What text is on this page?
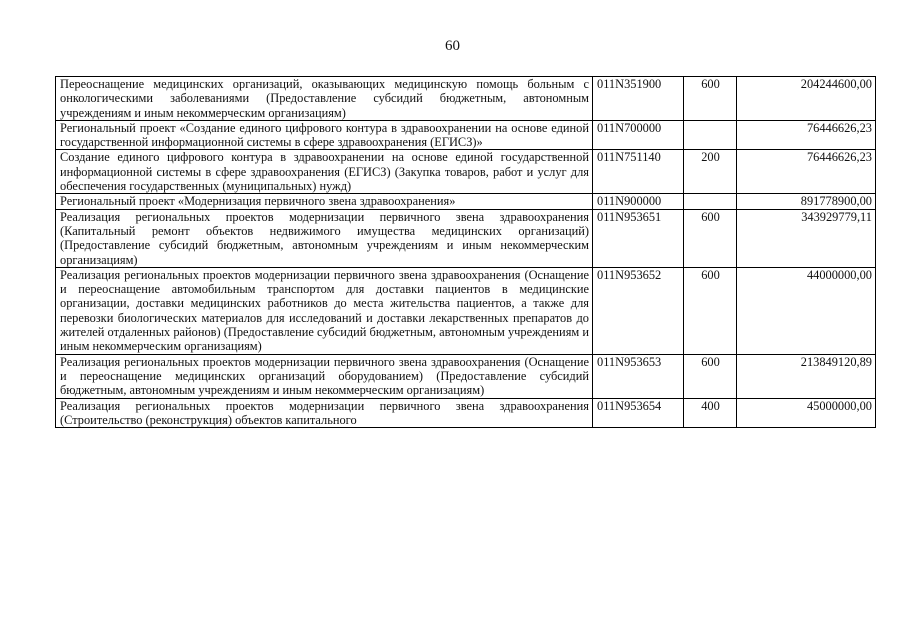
60
Переоснащение медицинских организаций, оказывающих медицинскую помощь больным с онкологическими заболеваниями (Предоставление субсидий бюджетным, автономным учреждениям и иным некоммерческим организациям)	011N351900	600	204244600,00
Региональный проект «Создание единого цифрового контура в здравоохранении на основе единой государственной информационной системы в сфере здравоохранения (ЕГИСЗ)»	011N700000		76446626,23
Создание единого цифрового контура в здравоохранении на основе единой государственной информационной системы в сфере здравоохранения (ЕГИСЗ) (Закупка товаров, работ и услуг для обеспечения государственных (муниципальных) нужд)	011N751140	200	76446626,23
Региональный проект «Модернизация первичного звена здравоохранения»	011N900000		891778900,00
Реализация региональных проектов модернизации первичного звена здравоохранения (Капитальный ремонт объектов недвижимого имущества медицинских организаций) (Предоставление субсидий бюджетным, автономным учреждениям и иным некоммерческим организациям)	011N953651	600	343929779,11
Реализация региональных проектов модернизации первичного звена здравоохранения (Оснащение и переоснащение автомобильным транспортом для доставки пациентов в медицинские организации, доставки медицинских работников до места жительства пациентов, а также для перевозки биологических материалов для исследований и доставки лекарственных препаратов до жителей отдаленных районов) (Предоставление субсидий бюджетным, автономным учреждениям и иным некоммерческим организациям)	011N953652	600	44000000,00
Реализация региональных проектов модернизации первичного звена здравоохранения (Оснащение и переоснащение медицинских организаций оборудованием) (Предоставление субсидий бюджетным, автономным учреждениям и иным некоммерческим организациям)	011N953653	600	213849120,89
Реализация региональных проектов модернизации первичного звена здравоохранения (Строительство (реконструкция) объектов капитального	011N953654	400	45000000,00
